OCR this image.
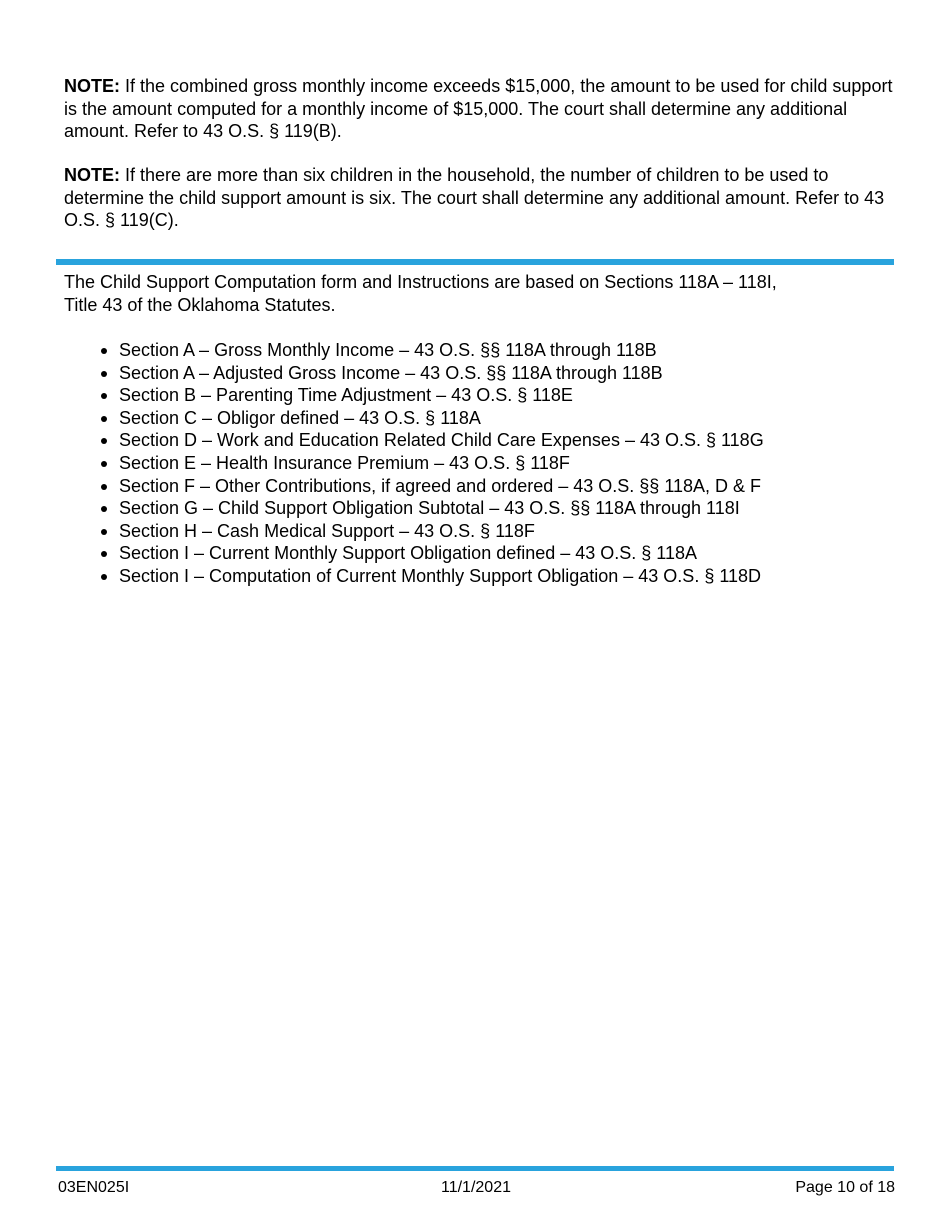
NOTE: If the combined gross monthly income exceeds $15,000, the amount to be used for child support is the amount computed for a monthly income of $15,000. The court shall determine any additional amount. Refer to 43 O.S. § 119(B).

NOTE: If there are more than six children in the household, the number of children to be used to determine the child support amount is six. The court shall determine any additional amount. Refer to 43 O.S. § 119(C).

The Child Support Computation form and Instructions are based on Sections 118A – 118I, Title 43 of the Oklahoma Statutes.

Section A – Gross Monthly Income – 43 O.S. §§ 118A through 118B
Section A – Adjusted Gross Income – 43 O.S. §§ 118A through 118B
Section B – Parenting Time Adjustment – 43 O.S. § 118E
Section C – Obligor defined – 43 O.S. § 118A
Section D – Work and Education Related Child Care Expenses – 43 O.S. § 118G
Section E – Health Insurance Premium – 43 O.S. § 118F
Section F – Other Contributions, if agreed and ordered – 43 O.S. §§ 118A, D & F
Section G – Child Support Obligation Subtotal – 43 O.S. §§ 118A through 118I
Section H – Cash Medical Support – 43 O.S. § 118F
Section I – Current Monthly Support Obligation defined – 43 O.S. § 118A
Section I – Computation of Current Monthly Support Obligation – 43 O.S. § 118D
03EN025I	11/1/2021	Page 10 of 18
